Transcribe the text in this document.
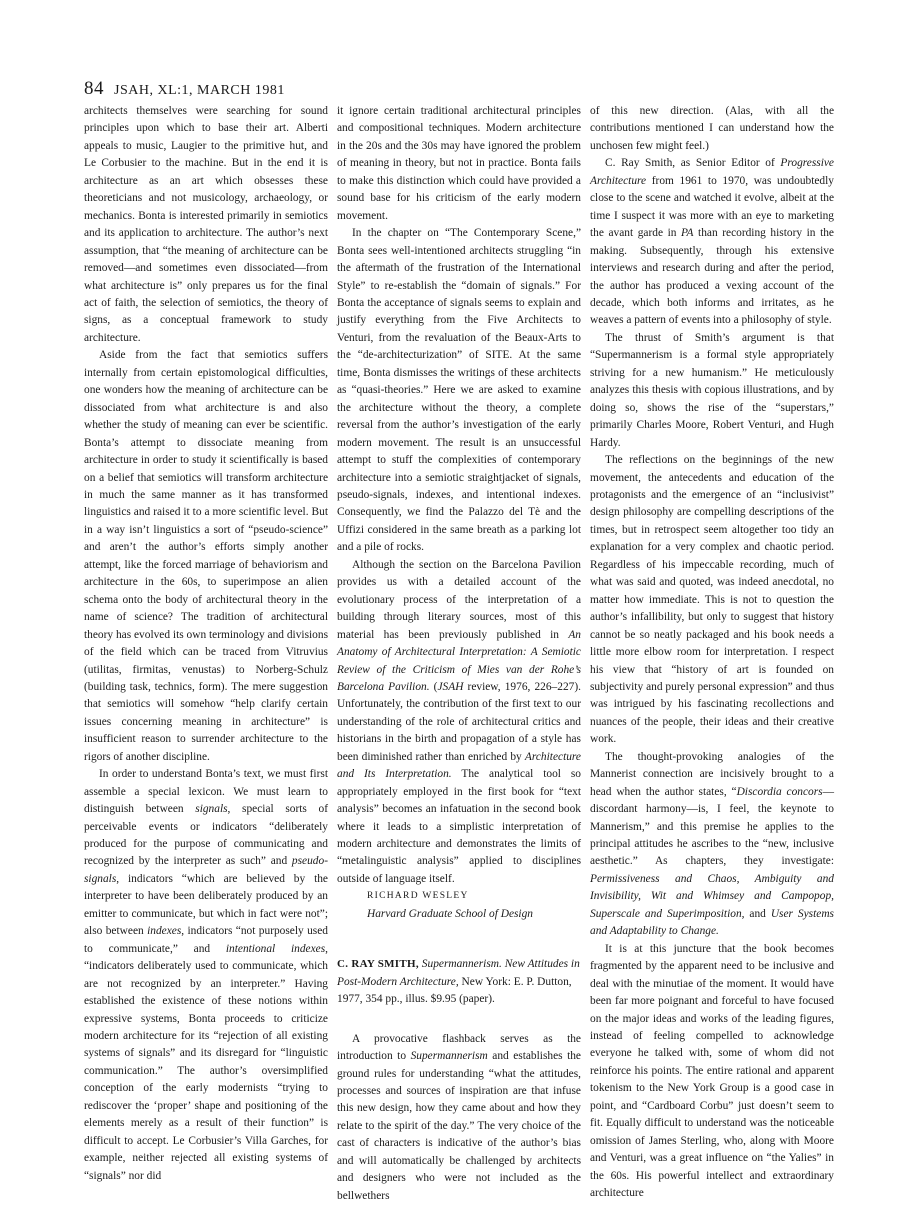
84 JSAH, XL:1, MARCH 1981

architects themselves were searching for sound principles upon which to base their art. Alberti appeals to music, Laugier to the primitive hut, and Le Corbusier to the machine. But in the end it is architecture as an art which obsesses these theoreticians and not musicology, archaeology, or mechanics. Bonta is interested primarily in semiotics and its application to architecture. The author’s next assumption, that “the meaning of architecture can be removed—and sometimes even dissociated—from what architecture is” only prepares us for the final act of faith, the selection of semiotics, the theory of signs, as a conceptual framework to study architecture.

Aside from the fact that semiotics suffers internally from certain epistomological difficulties, one wonders how the meaning of architecture can be dissociated from what architecture is and also whether the study of meaning can ever be scientific. Bonta’s attempt to dissociate meaning from architecture in order to study it scientifically is based on a belief that semiotics will transform architecture in much the same manner as it has transformed linguistics and raised it to a more scientific level. But in a way isn’t linguistics a sort of “pseudo-science” and aren’t the author’s efforts simply another attempt, like the forced marriage of behaviorism and architecture in the 60s, to superimpose an alien schema onto the body of architectural theory in the name of science? The tradition of architectural theory has evolved its own terminology and divisions of the field which can be traced from Vitruvius (utilitas, firmitas, venustas) to Norberg-Schulz (building task, technics, form). The mere suggestion that semiotics will somehow “help clarify certain issues concerning meaning in architecture” is insufficient reason to surrender architecture to the rigors of another discipline.

In order to understand Bonta’s text, we must first assemble a special lexicon. We must learn to distinguish between signals, special sorts of perceivable events or indicators “deliberately produced for the purpose of communicating and recognized by the interpreter as such” and pseudo-signals, indicators “which are believed by the interpreter to have been deliberately produced by an emitter to communicate, but which in fact were not”; also between indexes, indicators “not purposely used to communicate,” and intentional indexes, “indicators deliberately used to communicate, which are not recognized by an interpreter.” Having established the existence of these notions within expressive systems, Bonta proceeds to criticize modern architecture for its “rejection of all existing systems of signals” and its disregard for “linguistic communication.” The author’s oversimplified conception of the early modernists “trying to rediscover the ‘proper’ shape and positioning of the elements merely as a result of their function” is difficult to accept. Le Corbusier’s Villa Garches, for example, neither rejected all existing systems of “signals” nor did

it ignore certain traditional architectural principles and compositional techniques. Modern architecture in the 20s and the 30s may have ignored the problem of meaning in theory, but not in practice. Bonta fails to make this distinction which could have provided a sound base for his criticism of the early modern movement.

In the chapter on “The Contemporary Scene,” Bonta sees well-intentioned architects struggling “in the aftermath of the frustration of the International Style” to re-establish the “domain of signals.” For Bonta the acceptance of signals seems to explain and justify everything from the Five Architects to Venturi, from the revaluation of the Beaux-Arts to the “de-architecturization” of SITE. At the same time, Bonta dismisses the writings of these architects as “quasi-theories.” Here we are asked to examine the architecture without the theory, a complete reversal from the author’s investigation of the early modern movement. The result is an unsuccessful attempt to stuff the complexities of contemporary architecture into a semiotic straightjacket of signals, pseudo-signals, indexes, and intentional indexes. Consequently, we find the Palazzo del Tè and the Uffizi considered in the same breath as a parking lot and a pile of rocks.

Although the section on the Barcelona Pavilion provides us with a detailed account of the evolutionary process of the interpretation of a building through literary sources, most of this material has been previously published in An Anatomy of Architectural Interpretation: A Semiotic Review of the Criticism of Mies van der Rohe’s Barcelona Pavilion. (JSAH review, 1976, 226–227). Unfortunately, the contribution of the first text to our understanding of the role of architectural critics and historians in the birth and propagation of a style has been diminished rather than enriched by Architecture and Its Interpretation. The analytical tool so appropriately employed in the first book for “text analysis” becomes an infatuation in the second book where it leads to a simplistic interpretation of modern architecture and demonstrates the limits of “metalinguistic analysis” applied to disciplines outside of language itself.

RICHARD WESLEY
Harvard Graduate School of Design

C. RAY SMITH, Supermannerism. New Attitudes in Post-Modern Architecture, New York: E. P. Dutton, 1977, 354 pp., illus. $9.95 (paper).

A provocative flashback serves as the introduction to Supermannerism and establishes the ground rules for understanding “what the attitudes, processes and sources of inspiration are that infuse this new design, how they came about and how they relate to the spirit of the day.” The very choice of the cast of characters is indicative of the author’s bias and will automatically be challenged by architects and designers who were not included as the bellwethers

of this new direction. (Alas, with all the contributions mentioned I can understand how the unchosen few might feel.)

C. Ray Smith, as Senior Editor of Progressive Architecture from 1961 to 1970, was undoubtedly close to the scene and watched it evolve, albeit at the time I suspect it was more with an eye to marketing the avant garde in PA than recording history in the making. Subsequently, through his extensive interviews and research during and after the period, the author has produced a vexing account of the decade, which both informs and irritates, as he weaves a pattern of events into a philosophy of style.

The thrust of Smith’s argument is that “Supermannerism is a formal style appropriately striving for a new humanism.” He meticulously analyzes this thesis with copious illustrations, and by doing so, shows the rise of the “superstars,” primarily Charles Moore, Robert Venturi, and Hugh Hardy.

The reflections on the beginnings of the new movement, the antecedents and education of the protagonists and the emergence of an “inclusivist” design philosophy are compelling descriptions of the times, but in retrospect seem altogether too tidy an explanation for a very complex and chaotic period. Regardless of his impeccable recording, much of what was said and quoted, was indeed anecdotal, no matter how immediate. This is not to question the author’s infallibility, but only to suggest that history cannot be so neatly packaged and his book needs a little more elbow room for interpretation. I respect his view that “history of art is founded on subjectivity and purely personal expression” and thus was intrigued by his fascinating recollections and nuances of the people, their ideas and their creative work.

The thought-provoking analogies of the Mannerist connection are incisively brought to a head when the author states, “Discordia concors—discordant harmony—is, I feel, the keynote to Mannerism,” and this premise he applies to the principal attitudes he ascribes to the “new, inclusive aesthetic.” As chapters, they investigate: Permissiveness and Chaos, Ambiguity and Invisibility, Wit and Whimsey and Campopop, Superscale and Superimposition, and User Systems and Adaptability to Change.

It is at this juncture that the book becomes fragmented by the apparent need to be inclusive and deal with the minutiae of the moment. It would have been far more poignant and forceful to have focused on the major ideas and works of the leading figures, instead of feeling compelled to acknowledge everyone he talked with, some of whom did not reinforce his points. The entire rational and apparent tokenism to the New York Group is a good case in point, and “Cardboard Corbu” just doesn’t seem to fit. Equally difficult to understand was the noticeable omission of James Sterling, who, along with Moore and Venturi, was a great influence on “the Yalies” in the 60s. His powerful intellect and extraordinary architecture
